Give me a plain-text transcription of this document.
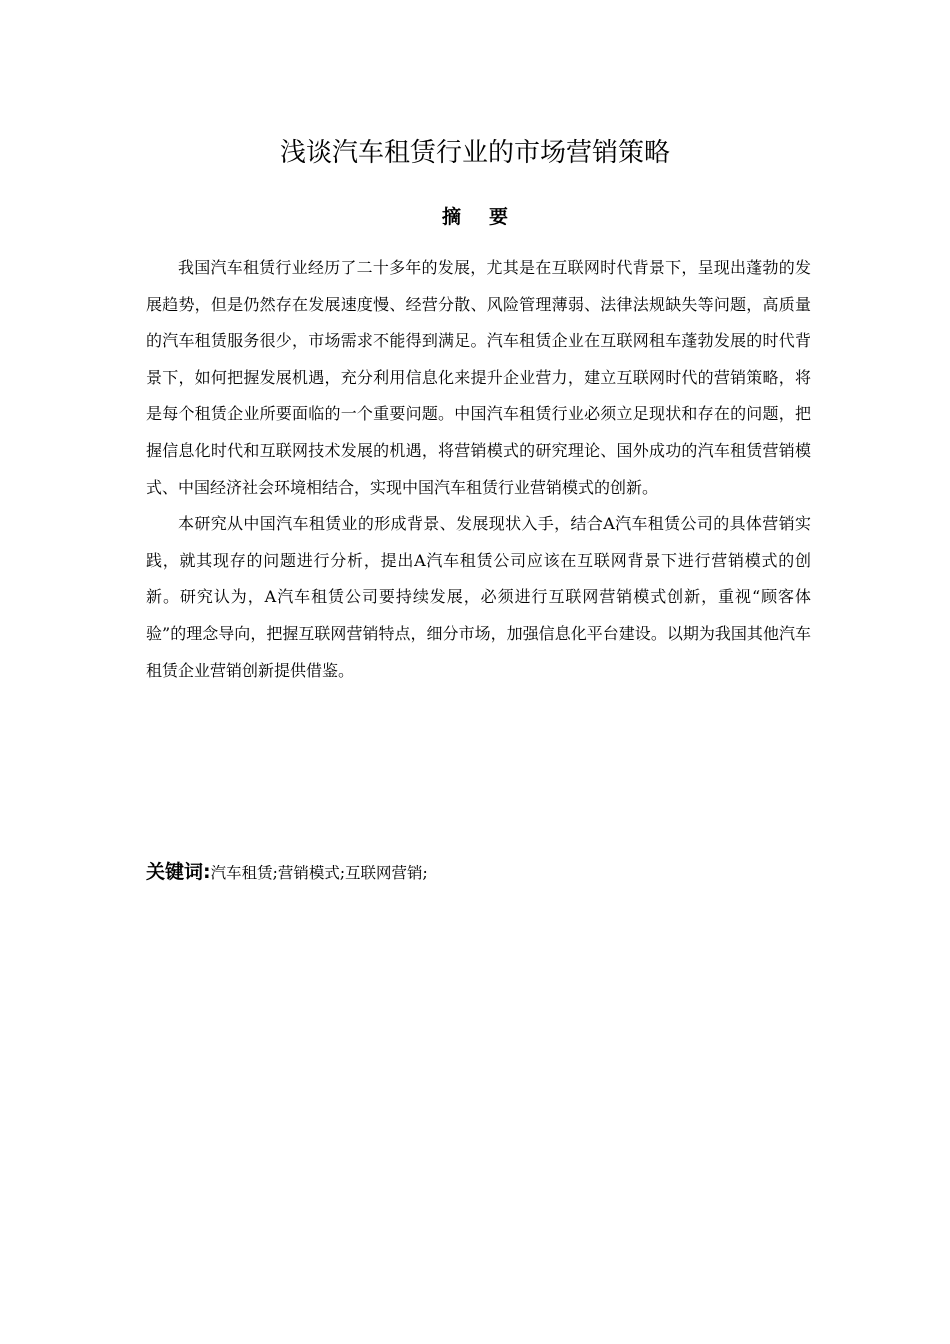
浅谈汽车租赁行业的市场营销策略
摘要

我国汽车租赁行业经历了二十多年的发展，尤其是在互联网时代背景下，呈现出蓬勃的发展趋势，但是仍然存在发展速度慢、经营分散、风险管理薄弱、法律法规缺失等问题，高质量的汽车租赁服务很少，市场需求不能得到满足。汽车租赁企业在互联网租车蓬勃发展的时代背景下，如何把握发展机遇，充分利用信息化来提升企业营力，建立互联网时代的营销策略，将是每个租赁企业所要面临的一个重要问题。中国汽车租赁行业必须立足现状和存在的问题，把握信息化时代和互联网技术发展的机遇，将营销模式的研究理论、国外成功的汽车租赁营销模式、中国经济社会环境相结合，实现中国汽车租赁行业营销模式的创新。

本研究从中国汽车租赁业的形成背景、发展现状入手，结合A汽车租赁公司的具体营销实践，就其现存的问题进行分析，提出A汽车租赁公司应该在互联网背景下进行营销模式的创新。研究认为，A汽车租赁公司要持续发展，必须进行互联网营销模式创新，重视“顾客体验”的理念导向，把握互联网营销特点，细分市场，加强信息化平台建设。以期为我国其他汽车租赁企业营销创新提供借鉴。

关键词:汽车租赁;营销模式;互联网营销;
